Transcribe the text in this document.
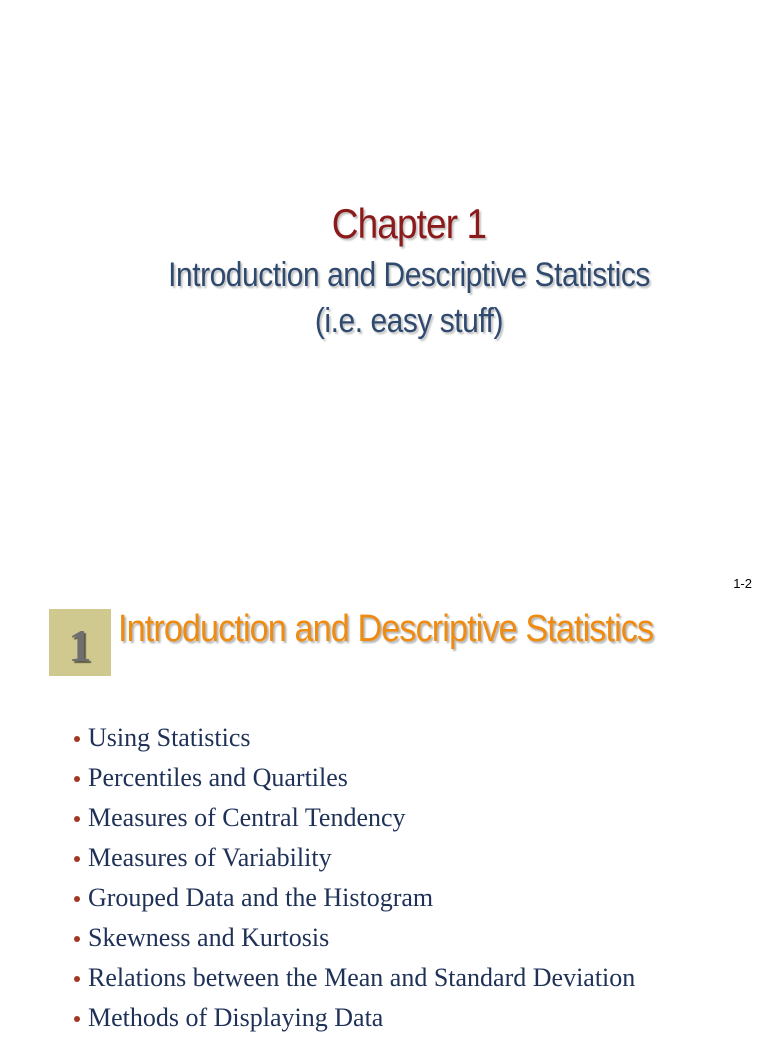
Chapter 1
Introduction and Descriptive Statistics
(i.e. easy stuff)
1-2
1 Introduction and Descriptive Statistics
Using Statistics
Percentiles and Quartiles
Measures of Central Tendency
Measures of Variability
Grouped Data and the Histogram
Skewness and Kurtosis
Relations between the Mean and Standard Deviation
Methods of Displaying Data
